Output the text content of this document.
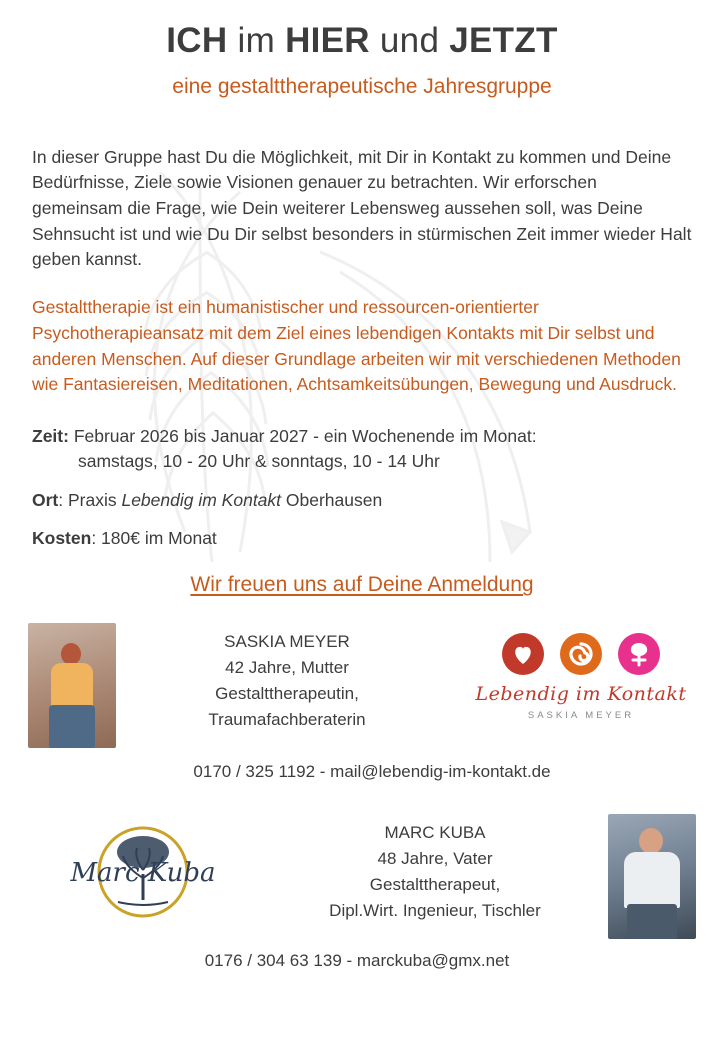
ICH im HIER und JETZT
eine gestalttherapeutische Jahresgruppe

In dieser Gruppe hast Du die Möglichkeit, mit Dir in Kontakt zu kommen und Deine Bedürfnisse, Ziele sowie Visionen genauer zu betrachten. Wir erforschen gemeinsam die Frage, wie Dein weiterer Lebensweg aussehen soll, was Deine Sehnsucht ist und wie Du Dir selbst besonders in stürmischen Zeit immer wieder Halt geben kannst.

Gestalttherapie ist ein humanistischer und ressourcen-orientierter Psychotherapieansatz mit dem Ziel eines lebendigen Kontakts mit Dir selbst und anderen Menschen. Auf dieser Grundlage arbeiten wir mit verschiedenen Methoden wie Fantasiereisen, Meditationen, Achtsamkeitsübungen, Bewegung und Ausdruck.

Zeit: Februar 2026 bis Januar 2027 - ein Wochenende im Monat:
samstags, 10 - 20 Uhr & sonntags, 10 - 14 Uhr
Ort: Praxis Lebendig im Kontakt Oberhausen
Kosten: 180€ im Monat
Wir freuen uns auf Deine Anmeldung
SASKIA MEYER
42 Jahre, Mutter
Gestalttherapeutin,
Traumafachberaterin
Lebendig im Kontakt
SASKIA MEYER
0170 / 325 1192 - mail@lebendig-im-kontakt.de
Marc Kuba
MARC KUBA
48 Jahre, Vater
Gestalttherapeut,
Dipl.Wirt. Ingenieur, Tischler
0176 / 304 63 139 - marckuba@gmx.net
